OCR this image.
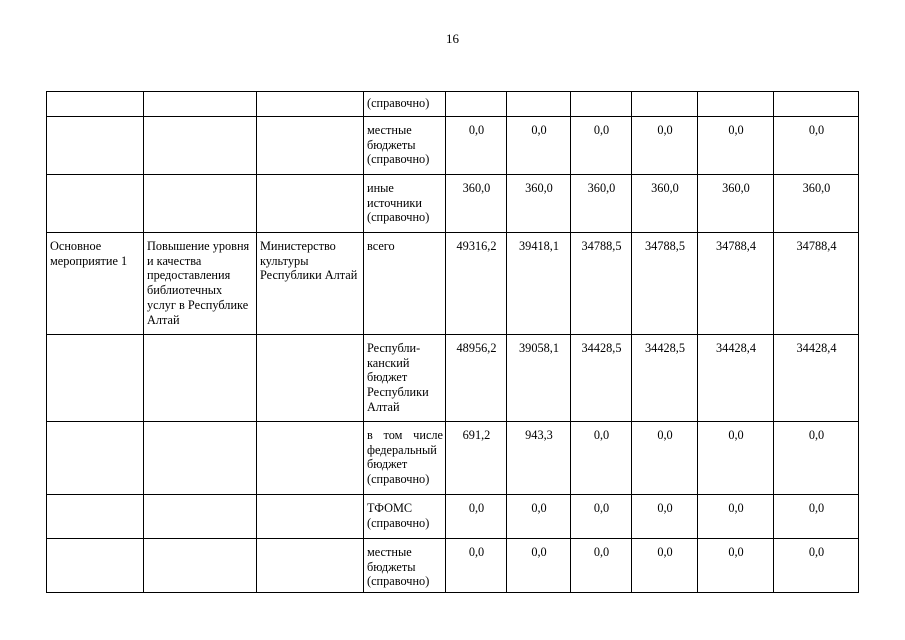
16
			(справочно)						
			местные бюджеты (справочно)	0,0	0,0	0,0	0,0	0,0	0,0
			иные источники (справочно)	360,0	360,0	360,0	360,0	360,0	360,0
Основное мероприятие 1	Повышение уровня и качества предоставления библиотечных услуг в Республике Алтай	Министерство культуры Республики Алтай	всего	49316,2	39418,1	34788,5	34788,5	34788,4	34788,4
			Республи-канский бюджет Республики Алтай	48956,2	39058,1	34428,5	34428,5	34428,4	34428,4
			в том числе федеральный бюджет (справочно)	691,2	943,3	0,0	0,0	0,0	0,0
			ТФОМС (справочно)	0,0	0,0	0,0	0,0	0,0	0,0
			местные бюджеты (справочно)	0,0	0,0	0,0	0,0	0,0	0,0
